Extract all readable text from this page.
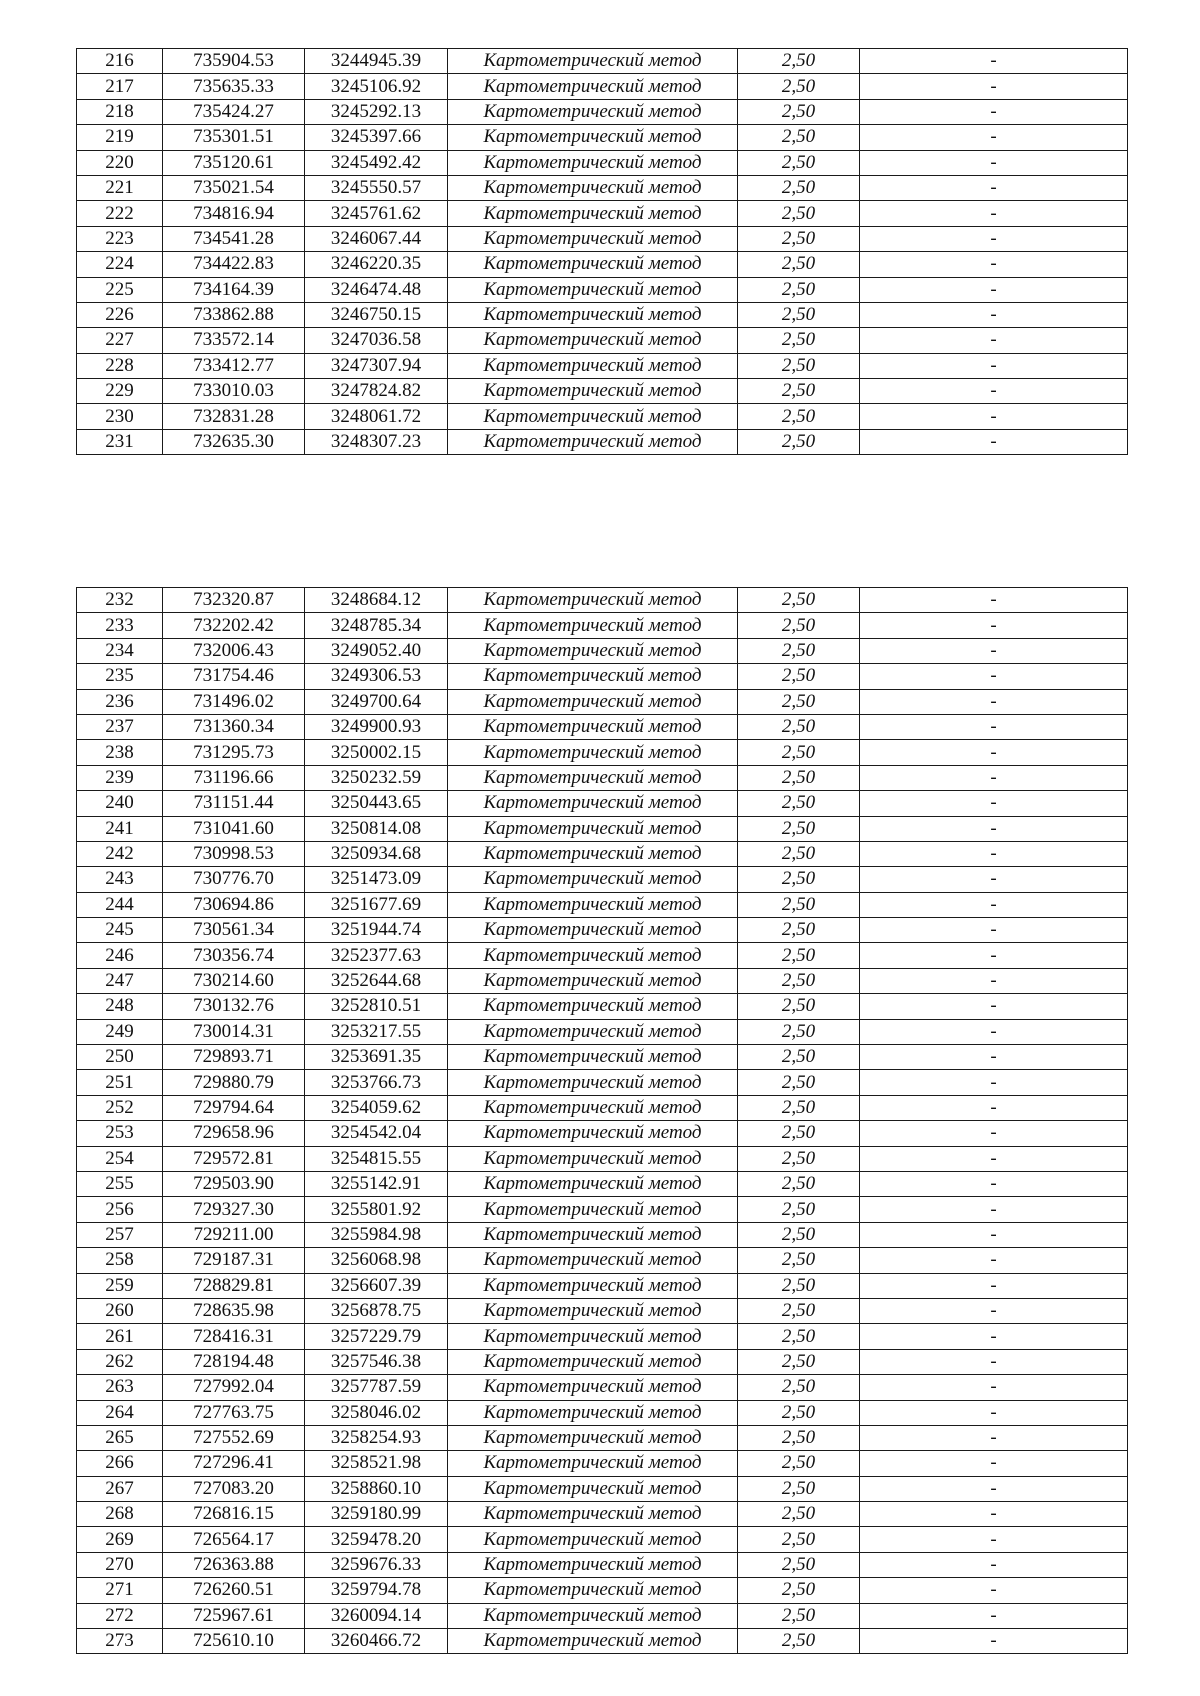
216	735904.53	3244945.39	Картометрический метод	2,50	-
217	735635.33	3245106.92	Картометрический метод	2,50	-
218	735424.27	3245292.13	Картометрический метод	2,50	-
219	735301.51	3245397.66	Картометрический метод	2,50	-
220	735120.61	3245492.42	Картометрический метод	2,50	-
221	735021.54	3245550.57	Картометрический метод	2,50	-
222	734816.94	3245761.62	Картометрический метод	2,50	-
223	734541.28	3246067.44	Картометрический метод	2,50	-
224	734422.83	3246220.35	Картометрический метод	2,50	-
225	734164.39	3246474.48	Картометрический метод	2,50	-
226	733862.88	3246750.15	Картометрический метод	2,50	-
227	733572.14	3247036.58	Картометрический метод	2,50	-
228	733412.77	3247307.94	Картометрический метод	2,50	-
229	733010.03	3247824.82	Картометрический метод	2,50	-
230	732831.28	3248061.72	Картометрический метод	2,50	-
231	732635.30	3248307.23	Картометрический метод	2,50	-
232	732320.87	3248684.12	Картометрический метод	2,50	-
233	732202.42	3248785.34	Картометрический метод	2,50	-
234	732006.43	3249052.40	Картометрический метод	2,50	-
235	731754.46	3249306.53	Картометрический метод	2,50	-
236	731496.02	3249700.64	Картометрический метод	2,50	-
237	731360.34	3249900.93	Картометрический метод	2,50	-
238	731295.73	3250002.15	Картометрический метод	2,50	-
239	731196.66	3250232.59	Картометрический метод	2,50	-
240	731151.44	3250443.65	Картометрический метод	2,50	-
241	731041.60	3250814.08	Картометрический метод	2,50	-
242	730998.53	3250934.68	Картометрический метод	2,50	-
243	730776.70	3251473.09	Картометрический метод	2,50	-
244	730694.86	3251677.69	Картометрический метод	2,50	-
245	730561.34	3251944.74	Картометрический метод	2,50	-
246	730356.74	3252377.63	Картометрический метод	2,50	-
247	730214.60	3252644.68	Картометрический метод	2,50	-
248	730132.76	3252810.51	Картометрический метод	2,50	-
249	730014.31	3253217.55	Картометрический метод	2,50	-
250	729893.71	3253691.35	Картометрический метод	2,50	-
251	729880.79	3253766.73	Картометрический метод	2,50	-
252	729794.64	3254059.62	Картометрический метод	2,50	-
253	729658.96	3254542.04	Картометрический метод	2,50	-
254	729572.81	3254815.55	Картометрический метод	2,50	-
255	729503.90	3255142.91	Картометрический метод	2,50	-
256	729327.30	3255801.92	Картометрический метод	2,50	-
257	729211.00	3255984.98	Картометрический метод	2,50	-
258	729187.31	3256068.98	Картометрический метод	2,50	-
259	728829.81	3256607.39	Картометрический метод	2,50	-
260	728635.98	3256878.75	Картометрический метод	2,50	-
261	728416.31	3257229.79	Картометрический метод	2,50	-
262	728194.48	3257546.38	Картометрический метод	2,50	-
263	727992.04	3257787.59	Картометрический метод	2,50	-
264	727763.75	3258046.02	Картометрический метод	2,50	-
265	727552.69	3258254.93	Картометрический метод	2,50	-
266	727296.41	3258521.98	Картометрический метод	2,50	-
267	727083.20	3258860.10	Картометрический метод	2,50	-
268	726816.15	3259180.99	Картометрический метод	2,50	-
269	726564.17	3259478.20	Картометрический метод	2,50	-
270	726363.88	3259676.33	Картометрический метод	2,50	-
271	726260.51	3259794.78	Картометрический метод	2,50	-
272	725967.61	3260094.14	Картометрический метод	2,50	-
273	725610.10	3260466.72	Картометрический метод	2,50	-
